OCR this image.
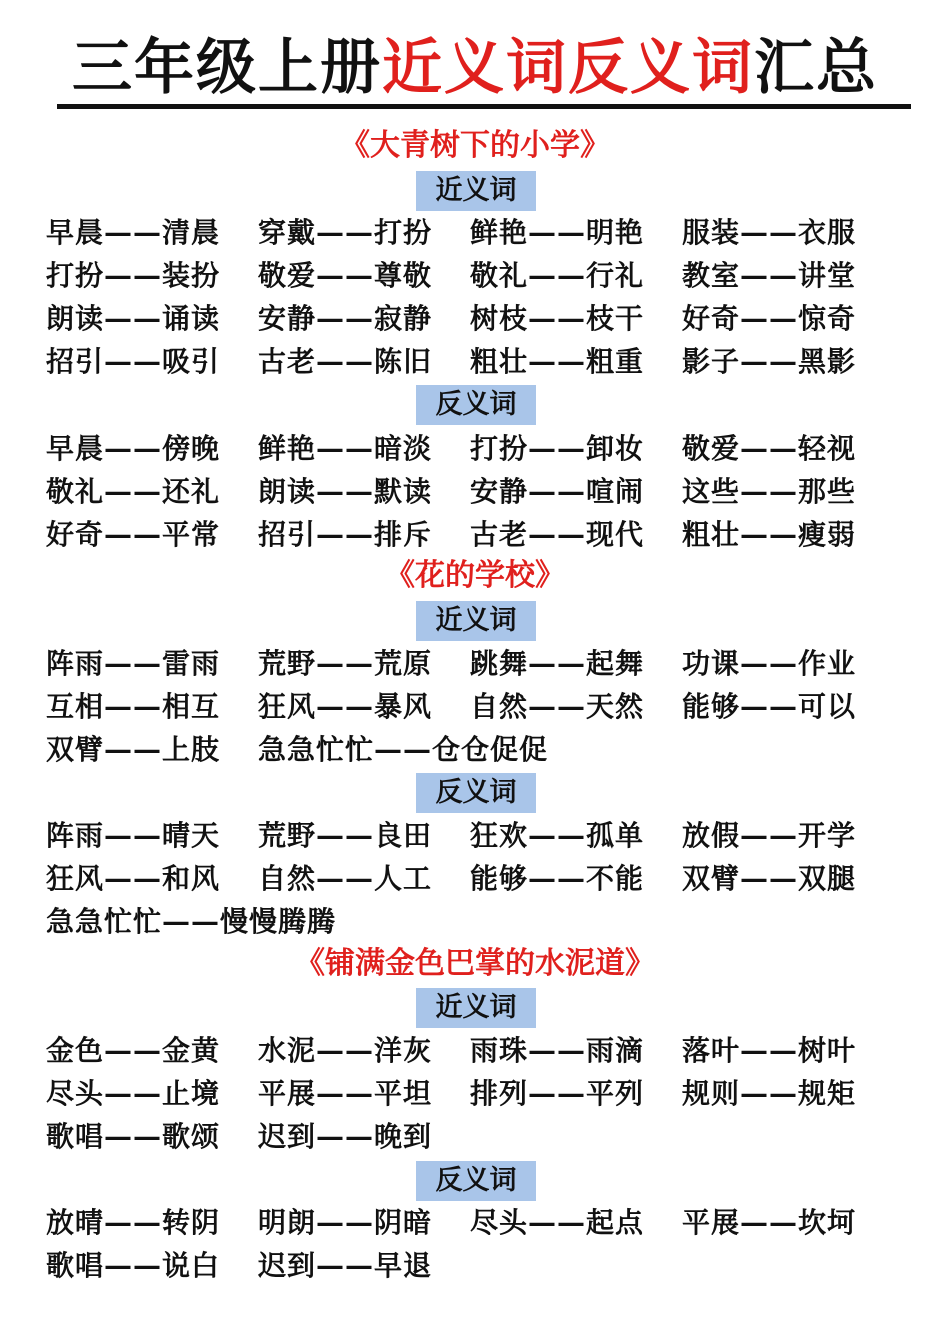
三年级上册近义词反义词汇总
《大青树下的小学》
近义词
早晨——清晨 穿戴——打扮 鲜艳——明艳 服装——衣服
打扮——装扮 敬爱——尊敬 敬礼——行礼 教室——讲堂
朗读——诵读 安静——寂静 树枝——枝干 好奇——惊奇
招引——吸引 古老——陈旧 粗壮——粗重 影子——黑影
反义词
早晨——傍晚 鲜艳——暗淡 打扮——卸妆 敬爱——轻视
敬礼——还礼 朗读——默读 安静——喧闹 这些——那些
好奇——平常 招引——排斥 古老——现代 粗壮——瘦弱
《花的学校》
近义词
阵雨——雷雨 荒野——荒原 跳舞——起舞 功课——作业
互相——相互 狂风——暴风 自然——天然 能够——可以
双臂——上肢 急急忙忙——仓仓促促
反义词
阵雨——晴天 荒野——良田 狂欢——孤单 放假——开学
狂风——和风 自然——人工 能够——不能 双臂——双腿
急急忙忙——慢慢腾腾
《铺满金色巴掌的水泥道》
近义词
金色——金黄 水泥——洋灰 雨珠——雨滴 落叶——树叶
尽头——止境 平展——平坦 排列——平列 规则——规矩
歌唱——歌颂 迟到——晚到
反义词
放晴——转阴 明朗——阴暗 尽头——起点 平展——坎坷
歌唱——说白 迟到——早退
